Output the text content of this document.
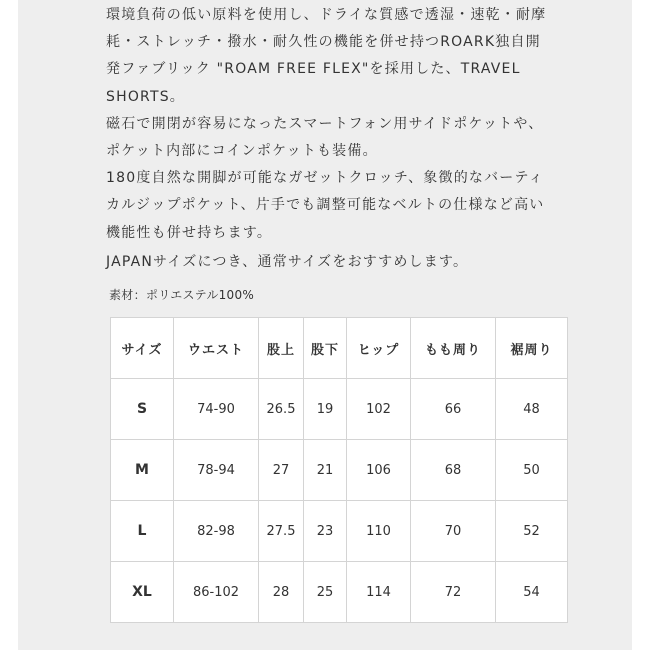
環境負荷の低い原料を使用し、ドライな質感で透湿・速乾・耐摩

耗・ストレッチ・撥水・耐久性の機能を併せ持つROARK独自開

発ファブリック "ROAM FREE FLEX"を採用した、TRAVEL

SHORTS。

磁石で開閉が容易になったスマートフォン用サイドポケットや、

ポケット内部にコインポケットも装備。

180度自然な開脚が可能なガゼットクロッチ、象徴的なバーティ

カルジップポケット、片手でも調整可能なベルトの仕様など高い

機能性も併せ持ちます。

JAPANサイズにつき、通常サイズをおすすめします。

素材：ポリエステル100%
サイズ	ウエスト	股上	股下	ヒップ	もも周り	裾周り
S	74-90	26.5	19	102	66	48
M	78-94	27	21	106	68	50
L	82-98	27.5	23	110	70	52
XL	86-102	28	25	114	72	54
